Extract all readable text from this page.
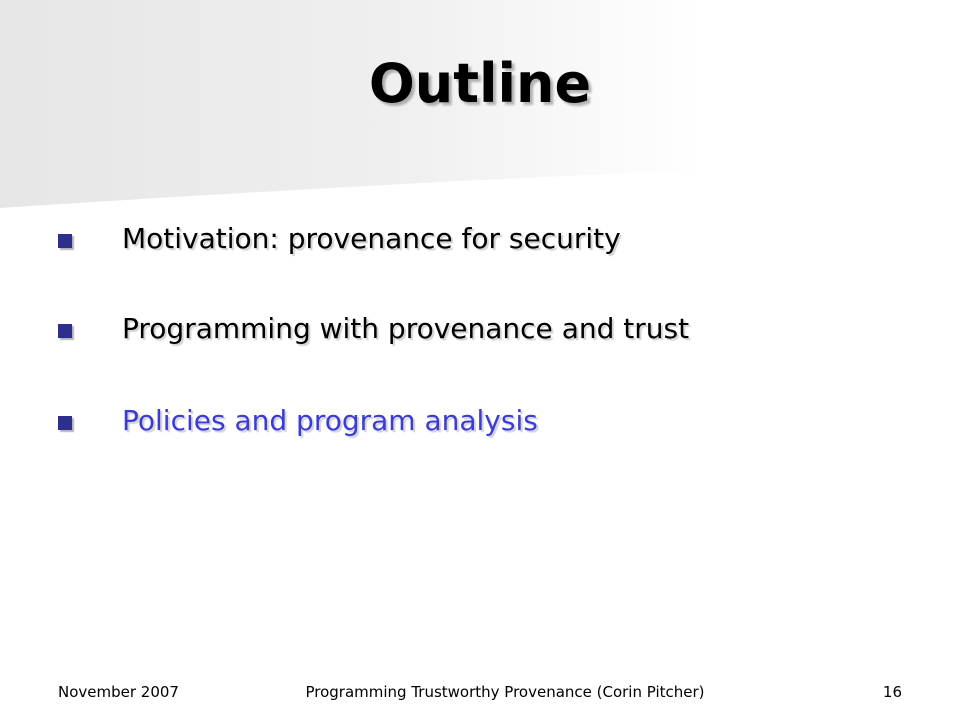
Outline
Motivation: provenance for security
Programming with provenance and trust
Policies and program analysis
November 2007	Programming Trustworthy Provenance (Corin Pitcher)	16
